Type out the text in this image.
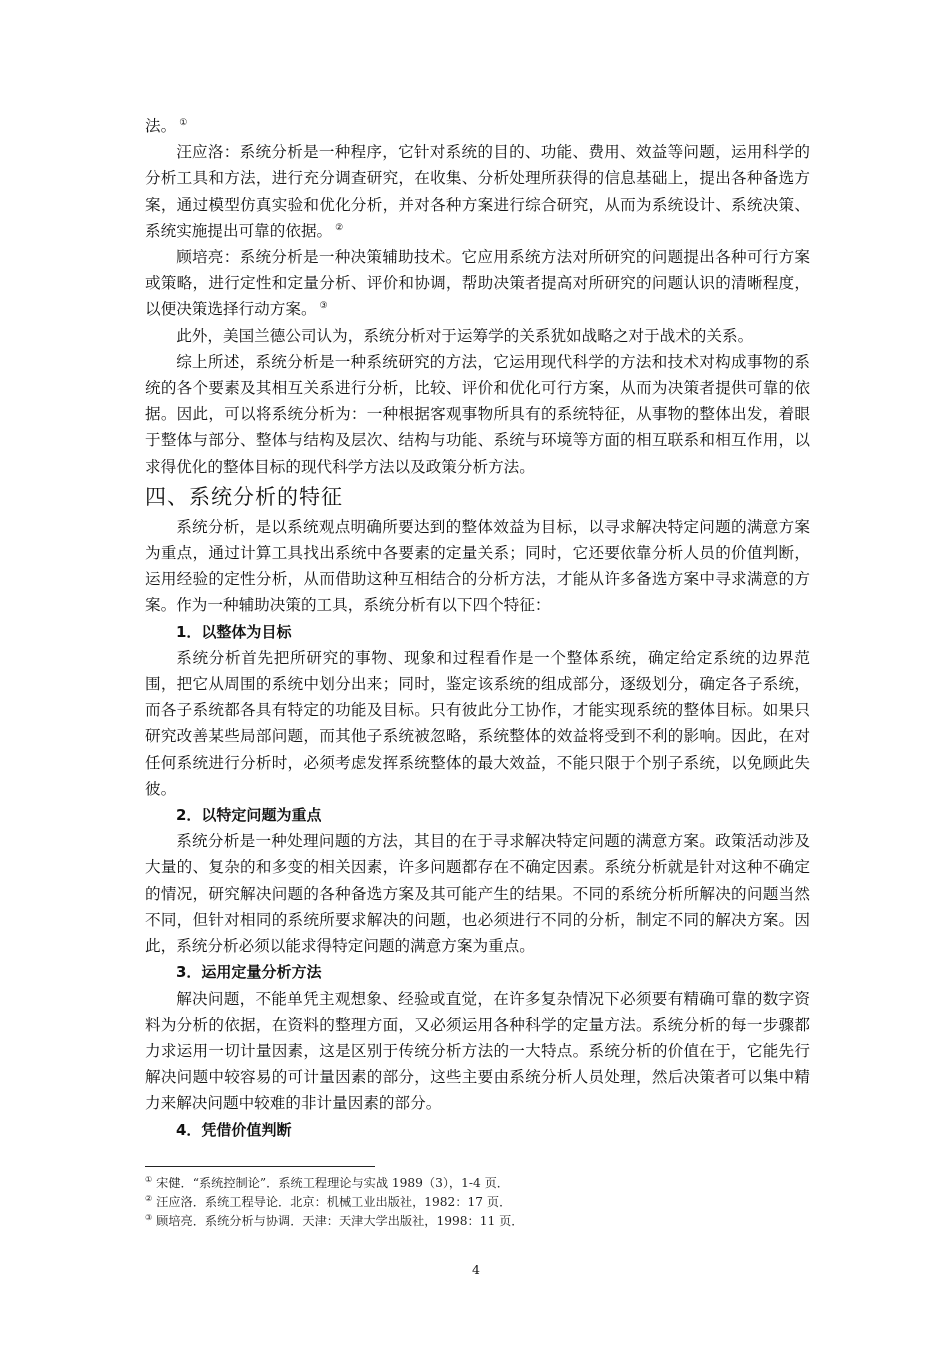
法。 ①

汪应洛：系统分析是一种程序，它针对系统的目的、功能、费用、效益等问题，运用科学的分析工具和方法，进行充分调查研究，在收集、分析处理所获得的信息基础上，提出各种备选方案，通过模型仿真实验和优化分析，并对各种方案进行综合研究，从而为系统设计、系统决策、系统实施提出可靠的依据。 ②

顾培亮：系统分析是一种决策辅助技术。它应用系统方法对所研究的问题提出各种可行方案或策略，进行定性和定量分析、评价和协调，帮助决策者提高对所研究的问题认识的清晰程度，以便决策选择行动方案。 ③

此外，美国兰德公司认为，系统分析对于运筹学的关系犹如战略之对于战术的关系。

综上所述，系统分析是一种系统研究的方法，它运用现代科学的方法和技术对构成事物的系统的各个要素及其相互关系进行分析，比较、评价和优化可行方案，从而为决策者提供可靠的依据。因此，可以将系统分析为：一种根据客观事物所具有的系统特征，从事物的整体出发，着眼于整体与部分、整体与结构及层次、结构与功能、系统与环境等方面的相互联系和相互作用，以求得优化的整体目标的现代科学方法以及政策分析方法。

四、系统分析的特征

系统分析，是以系统观点明确所要达到的整体效益为目标，以寻求解决特定问题的满意方案为重点，通过计算工具找出系统中各要素的定量关系；同时，它还要依靠分析人员的价值判断，运用经验的定性分析，从而借助这种互相结合的分析方法，才能从许多备选方案中寻求满意的方案。作为一种辅助决策的工具，系统分析有以下四个特征：

1．以整体为目标

系统分析首先把所研究的事物、现象和过程看作是一个整体系统，确定给定系统的边界范围，把它从周围的系统中划分出来；同时，鉴定该系统的组成部分，逐级划分，确定各子系统，而各子系统都各具有特定的功能及目标。只有彼此分工协作，才能实现系统的整体目标。如果只研究改善某些局部问题，而其他子系统被忽略，系统整体的效益将受到不利的影响。因此，在对任何系统进行分析时，必须考虑发挥系统整体的最大效益，不能只限于个别子系统，以免顾此失彼。

2．以特定问题为重点

系统分析是一种处理问题的方法，其目的在于寻求解决特定问题的满意方案。政策活动涉及大量的、复杂的和多变的相关因素，许多问题都存在不确定因素。系统分析就是针对这种不确定的情况，研究解决问题的各种备选方案及其可能产生的结果。不同的系统分析所解决的问题当然不同，但针对相同的系统所要求解决的问题，也必须进行不同的分析，制定不同的解决方案。因此，系统分析必须以能求得特定问题的满意方案为重点。

3．运用定量分析方法

解决问题，不能单凭主观想象、经验或直觉，在许多复杂情况下必须要有精确可靠的数字资料为分析的依据，在资料的整理方面，又必须运用各种科学的定量方法。系统分析的每一步骤都力求运用一切计量因素，这是区别于传统分析方法的一大特点。系统分析的价值在于，它能先行解决问题中较容易的可计量因素的部分，这些主要由系统分析人员处理，然后决策者可以集中精力来解决问题中较难的非计量因素的部分。

4．凭借价值判断

① 宋健．“系统控制论”．系统工程理论与实战 1989（3），1-4 页．
② 汪应洛．系统工程导论．北京：机械工业出版社，1982：17 页．
③ 顾培亮．系统分析与协调．天津：天津大学出版社，1998：11 页．
4
